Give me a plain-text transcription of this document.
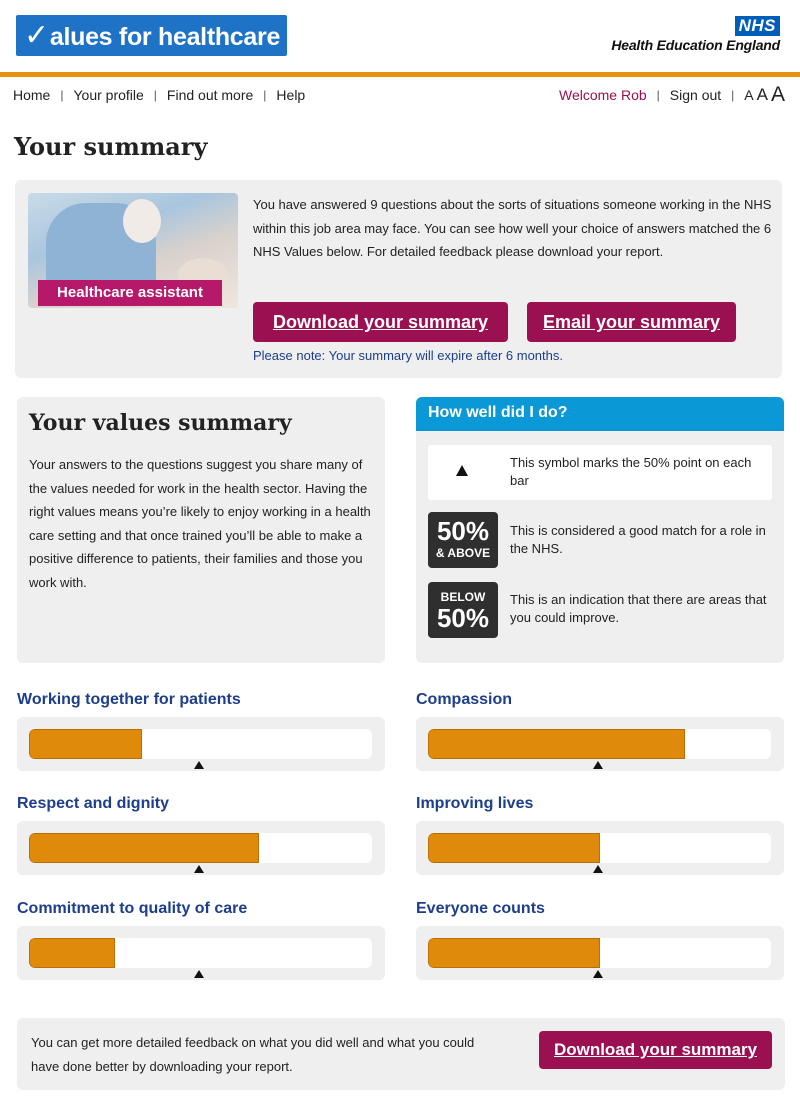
✓alues for healthcare	NHS
Health Education England
Home | Your profile | Find out more | Help	Welcome Rob | Sign out | A A A
Your summary
Healthcare assistant

You have answered 9 questions about the sorts of situations someone working in the NHS within this job area may face. You can see how well your choice of answers matched the 6 NHS Values below. For detailed feedback please download your report.

Download your summary	Email your summary

Please note: Your summary will expire after 6 months.

Your values summary

Your answers to the questions suggest you share many of the values needed for work in the health sector. Having the right values means you’re likely to enjoy working in a health care setting and that once trained you’ll be able to make a positive difference to patients, their families and those you work with.

How well did I do?

This symbol marks the 50% point on each bar

50%
& ABOVE

This is considered a good match for a role in the NHS.

BELOW
50%

This is an indication that there are areas that you could improve.

Working together for patients	Compassion
Respect and dignity	Improving lives
Commitment to quality of care	Everyone counts

You can get more detailed feedback on what you did well and what you could have done better by downloading your report.

Download your summary
